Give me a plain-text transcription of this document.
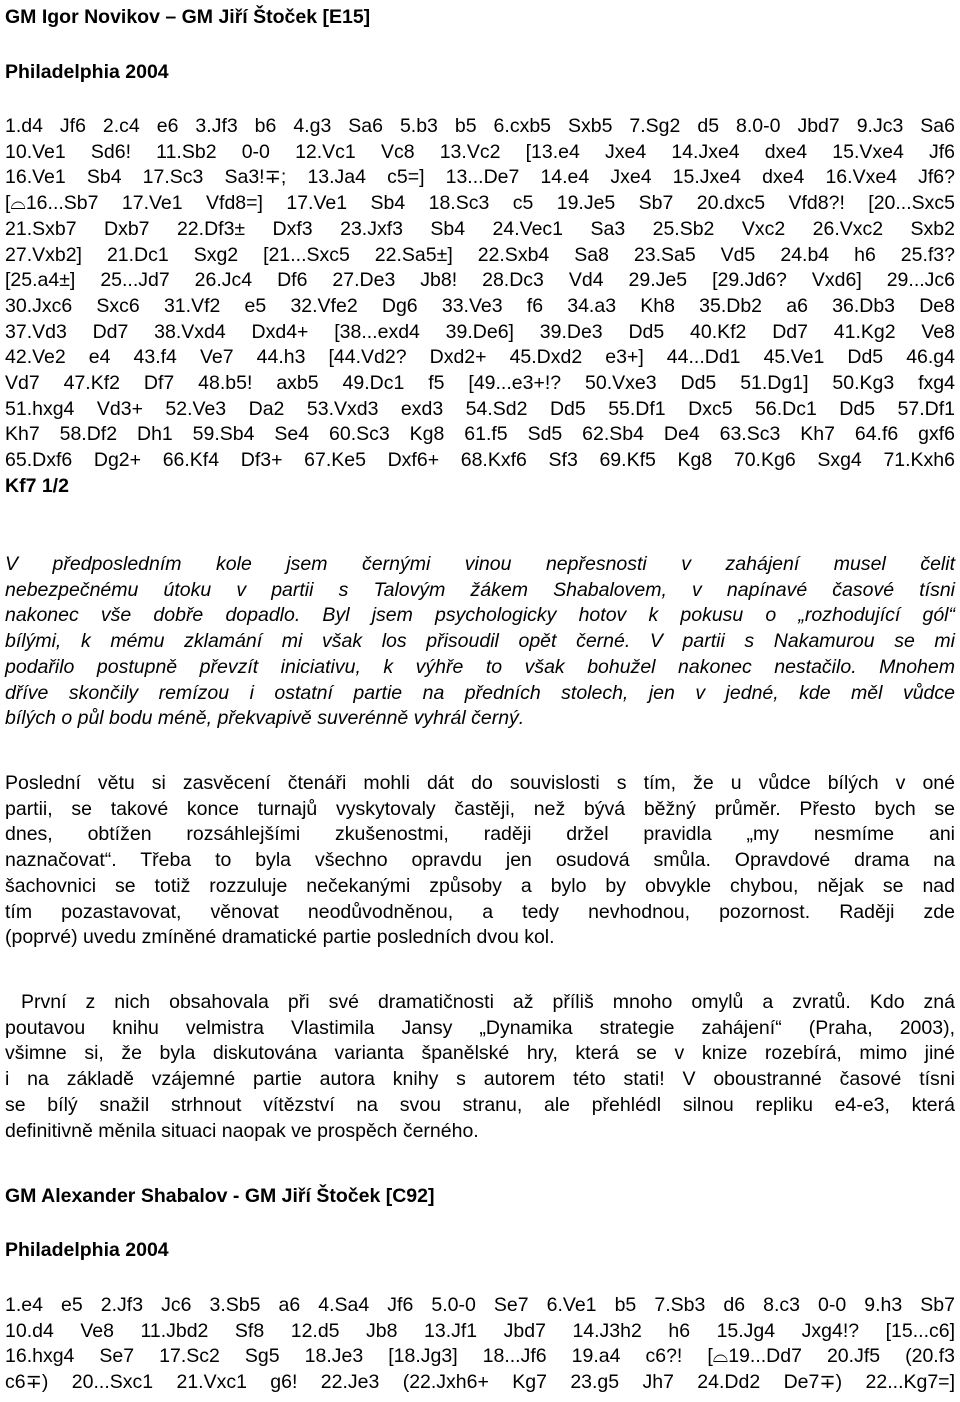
GM Igor Novikov – GM Jiří Štoček [E15]
Philadelphia 2004
1.d4 Jf6 2.c4 e6 3.Jf3 b6 4.g3 Sa6 5.b3 b5 6.cxb5 Sxb5 7.Sg2 d5 8.0-0 Jbd7 9.Jc3 Sa6
10.Ve1 Sd6! 11.Sb2 0-0 12.Vc1 Vc8 13.Vc2 [13.e4 Jxe4 14.Jxe4 dxe4 15.Vxe4 Jf6
16.Ve1 Sb4 17.Sc3 Sa3!∓; 13.Ja4 c5=] 13...De7 14.e4 Jxe4 15.Jxe4 dxe4 16.Vxe4 Jf6?
[⌓16...Sb7 17.Ve1 Vfd8=] 17.Ve1 Sb4 18.Sc3 c5 19.Je5 Sb7 20.dxc5 Vfd8?! [20...Sxc5
21.Sxb7 Dxb7 22.Df3± Dxf3 23.Jxf3 Sb4 24.Vec1 Sa3 25.Sb2 Vxc2 26.Vxc2 Sxb2
27.Vxb2] 21.Dc1 Sxg2 [21...Sxc5 22.Sa5±] 22.Sxb4 Sa8 23.Sa5 Vd5 24.b4 h6 25.f3?
[25.a4±] 25...Jd7 26.Jc4 Df6 27.De3 Jb8! 28.Dc3 Vd4 29.Je5 [29.Jd6? Vxd6] 29...Jc6
30.Jxc6 Sxc6 31.Vf2 e5 32.Vfe2 Dg6 33.Ve3 f6 34.a3 Kh8 35.Db2 a6 36.Db3 De8
37.Vd3 Dd7 38.Vxd4 Dxd4+ [38...exd4 39.De6] 39.De3 Dd5 40.Kf2 Dd7 41.Kg2 Ve8
42.Ve2 e4 43.f4 Ve7 44.h3 [44.Vd2? Dxd2+ 45.Dxd2 e3+] 44...Dd1 45.Ve1 Dd5 46.g4
Vd7 47.Kf2 Df7 48.b5! axb5 49.Dc1 f5 [49...e3+!? 50.Vxe3 Dd5 51.Dg1] 50.Kg3 fxg4
51.hxg4 Vd3+ 52.Ve3 Da2 53.Vxd3 exd3 54.Sd2 Dd5 55.Df1 Dxc5 56.Dc1 Dd5 57.Df1
Kh7 58.Df2 Dh1 59.Sb4 Se4 60.Sc3 Kg8 61.f5 Sd5 62.Sb4 De4 63.Sc3 Kh7 64.f6 gxf6
65.Dxf6 Dg2+ 66.Kf4 Df3+ 67.Ke5 Dxf6+ 68.Kxf6 Sf3 69.Kf5 Kg8 70.Kg6 Sxg4 71.Kxh6
Kf7 1/2
V předposledním kole jsem černými vinou nepřesnosti v zahájení musel čelit
nebezpečnému útoku v partii s Talovým žákem Shabalovem, v napínavé časové tísni
nakonec vše dobře dopadlo. Byl jsem psychologicky hotov k pokusu o „rozhodující gól“
bílými, k mému zklamání mi však los přisoudil opět černé. V partii s Nakamurou se mi
podařilo postupně převzít iniciativu, k výhře to však bohužel nakonec nestačilo. Mnohem
dříve skončily remízou i ostatní partie na předních stolech, jen v jedné, kde měl vůdce
bílých o půl bodu méně, překvapivě suverénně vyhrál černý.
Poslední větu si zasvěcení čtenáři mohli dát do souvislosti s tím, že u vůdce bílých v oné
partii, se takové konce turnajů vyskytovaly častěji, než bývá běžný průměr. Přesto bych se
dnes, obtížen rozsáhlejšími zkušenostmi, raději držel pravidla „my nesmíme ani
naznačovat“. Třeba to byla všechno opravdu jen osudová smůla. Opravdové drama na
šachovnici se totiž rozzuluje nečekanými způsoby a bylo by obvykle chybou, nějak se nad
tím pozastavovat, věnovat neodůvodněnou, a tedy nevhodnou, pozornost. Raději zde
(poprvé) uvedu zmíněné dramatické partie posledních dvou kol.
První z nich obsahovala při své dramatičnosti až příliš mnoho omylů a zvratů. Kdo zná
poutavou knihu velmistra Vlastimila Jansy „Dynamika strategie zahájení“ (Praha, 2003),
všimne si, že byla diskutována varianta španělské hry, která se v knize rozebírá, mimo jiné
i na základě vzájemné partie autora knihy s autorem této stati! V oboustranné časové tísni
se bílý snažil strhnout vítězství na svou stranu, ale přehlédl silnou repliku e4-e3, která
definitivně měnila situaci naopak ve prospěch černého.
GM Alexander Shabalov - GM Jiří Štoček [C92]
Philadelphia 2004
1.e4 e5 2.Jf3 Jc6 3.Sb5 a6 4.Sa4 Jf6 5.0-0 Se7 6.Ve1 b5 7.Sb3 d6 8.c3 0-0 9.h3 Sb7
10.d4 Ve8 11.Jbd2 Sf8 12.d5 Jb8 13.Jf1 Jbd7 14.J3h2 h6 15.Jg4 Jxg4!? [15...c6]
16.hxg4 Se7 17.Sc2 Sg5 18.Je3 [18.Jg3] 18...Jf6 19.a4 c6?! [⌓19...Dd7 20.Jf5 (20.f3
c6∓) 20...Sxc1 21.Vxc1 g6! 22.Je3 (22.Jxh6+ Kg7 23.g5 Jh7 24.Dd2 De7∓) 22...Kg7=]
